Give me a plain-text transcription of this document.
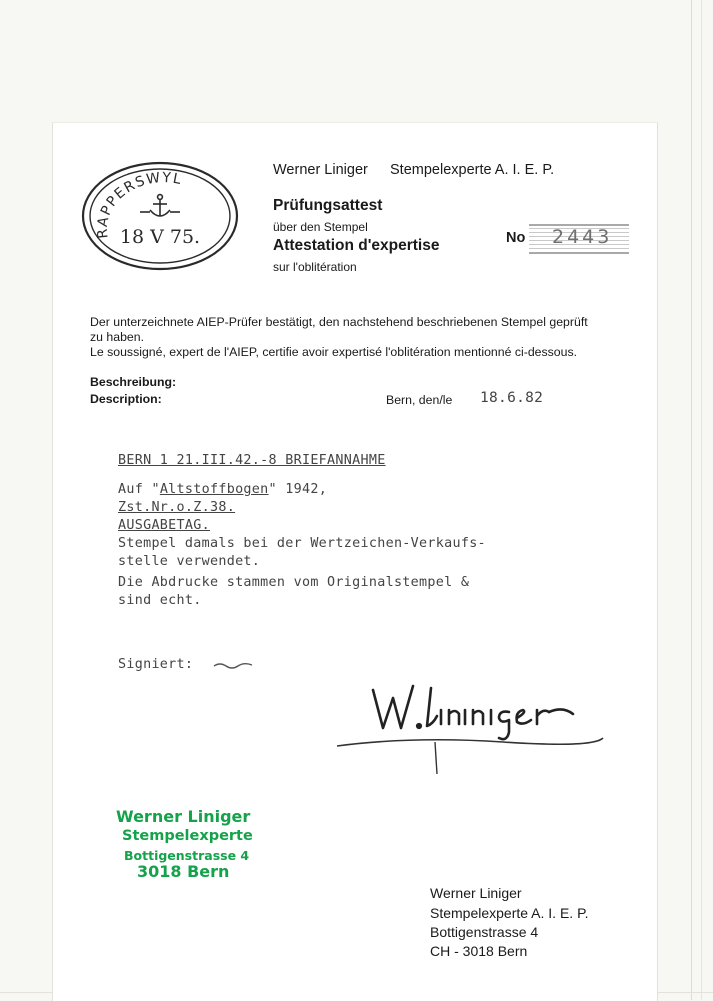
RAPPERSWYL
18 V 75.
Werner Liniger Stempelexperte A. I. E. P.
Prüfungsattest
über den Stempel
Attestation d'expertise
sur l'oblitération
No 2443
Der unterzeichnete AIEP-Prüfer bestätigt, den nachstehend beschriebenen Stempel geprüft
zu haben.
Le soussigné, expert de l'AIEP, certifie avoir expertisé l'oblitération mentionné ci-dessous.
Beschreibung:
Description:	Bern, den/le 18.6.82
BERN 1 21.III.42.-8 BRIEFANNAHME
Auf "Altstoffbogen" 1942,
Zst.Nr.o.Z.38.
AUSGABETAG.
Stempel damals bei der Wertzeichen-Verkaufs-
stelle verwendet.
Die Abdrucke stammen vom Originalstempel &
sind echt.
Signiert:
Werner Liniger
Stempelexperte
Bottigenstrasse 4
3018 Bern
Werner Liniger
Stempelexperte A. I. E. P.
Bottigenstrasse 4
CH - 3018 Bern
